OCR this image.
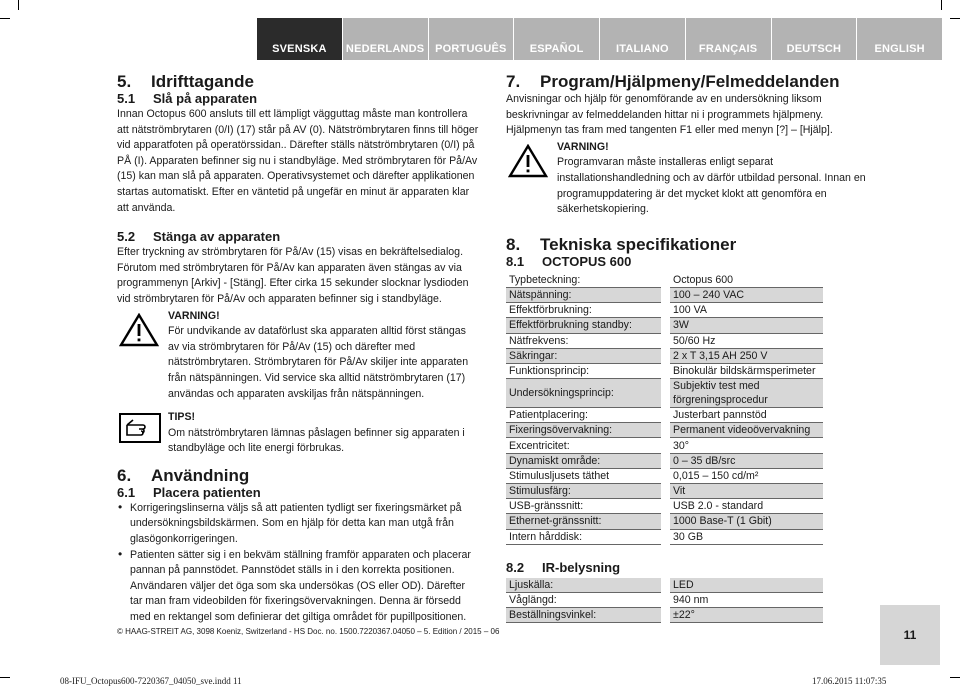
SVENSKA	NEDERLANDS PORTUGUÊS	ESPAÑOL	ITALIANO	FRANÇAIS	DEUTSCH	ENGLISH
5. Idrifttagande
5.1 Slå på apparaten

Innan Octopus 600 ansluts till ett lämpligt vägguttag måste man kontrollera att nätströmbrytaren (0/I) (17) står på AV (0). Nätströmbrytaren finns till höger vid apparatfoten på operatörssidan.. Därefter ställs nätströmbrytaren (0/I) på PÅ (I). Apparaten befinner sig nu i standbyläge. Med strömbrytaren för På/Av (15) kan man slå på apparaten. Operativsystemet och därefter applikationen startas automatiskt. Efter en väntetid på ungefär en minut är apparaten klar att använda.

5.2 Stänga av apparaten

Efter tryckning av strömbrytaren för På/Av (15) visas en bekräftelsedialog. Förutom med strömbrytaren för På/Av kan apparaten även stängas av via programmenyn [Arkiv] - [Stäng]. Efter cirka 15 sekunder slocknar lysdioden vid strömbrytaren för På/Av och apparaten befinner sig i standbyläge.

VARNING!

För undvikande av dataförlust ska apparaten alltid först stängas av via strömbrytaren för På/Av (15) och därefter med nätströmbrytaren. Strömbrytaren för På/Av skiljer inte apparaten från nätspänningen. Vid service ska alltid nätströmbrytaren (17) användas och apparaten avskiljas från nätspänningen.

TIPS!

Om nätströmbrytaren lämnas påslagen befinner sig apparaten i standbyläge och lite energi förbrukas.

6. Användning
6.1 Placera patienten
• Korrigeringslinserna väljs så att patienten tydligt ser fixeringsmärket på undersökningsbildskärmen. Som en hjälp för detta kan man utgå från glasögonkorrigeringen.
• Patienten sätter sig i en bekväm ställning framför apparaten och placerar pannan på pannstödet. Pannstödet ställs in i den korrekta positionen. Användaren väljer det öga som ska undersökas (OS eller OD). Därefter tar man fram videobilden för fixeringsövervakningen. Denna är försedd med en rektangel som definierar det giltiga området för pupillpositionen.
7. Program/Hjälpmeny/Felmeddelanden

Anvisningar och hjälp för genomförande av en undersökning liksom beskrivningar av felmeddelanden hittar ni i programmets hjälpmeny. Hjälpmenyn tas fram med tangenten F1 eller med menyn [?] – [Hjälp].

VARNING!

Programvaran måste installeras enligt separat installationshandledning och av därför utbildad personal. Innan en programuppdatering är det mycket klokt att genomföra en säkerhetskopiering.

8. Tekniska specifikationer
8.1 OCTOPUS 600
Typbeteckning:		Octopus 600
Nätspänning:		100 – 240 VAC
Effektförbrukning:		100 VA
Effektförbrukning standby:		3W
Nätfrekvens:		50/60 Hz
Säkringar:		2 x T 3,15 AH 250 V
Funktionsprincip:		Binokulär bildskärmsperimeter
Undersökningsprincip:		Subjektiv test med förgreningsprocedur
Patientplacering:		Justerbart pannstöd
Fixeringsövervakning:		Permanent videoövervakning
Excentricitet:		30°
Dynamiskt område:		0 – 35 dB/src
Stimulusljusets täthet		0,015 – 150 cd/m²
Stimulusfärg:		Vit
USB-gränssnitt:		USB 2.0 - standard
Ethernet-gränssnitt:		1000 Base-T (1 Gbit)
Intern hårddisk:		30 GB
8.2 IR-belysning
Ljuskälla:		LED
Våglängd:		940 nm
Beställningsvinkel:		±22°
© HAAG-STREIT AG, 3098 Koeniz, Switzerland - HS Doc. no. 1500.7220367.04050 – 5. Edition / 2015 – 06	11
08-IFU_Octopus600-7220367_04050_sve.indd 11	17.06.2015 11:07:35
